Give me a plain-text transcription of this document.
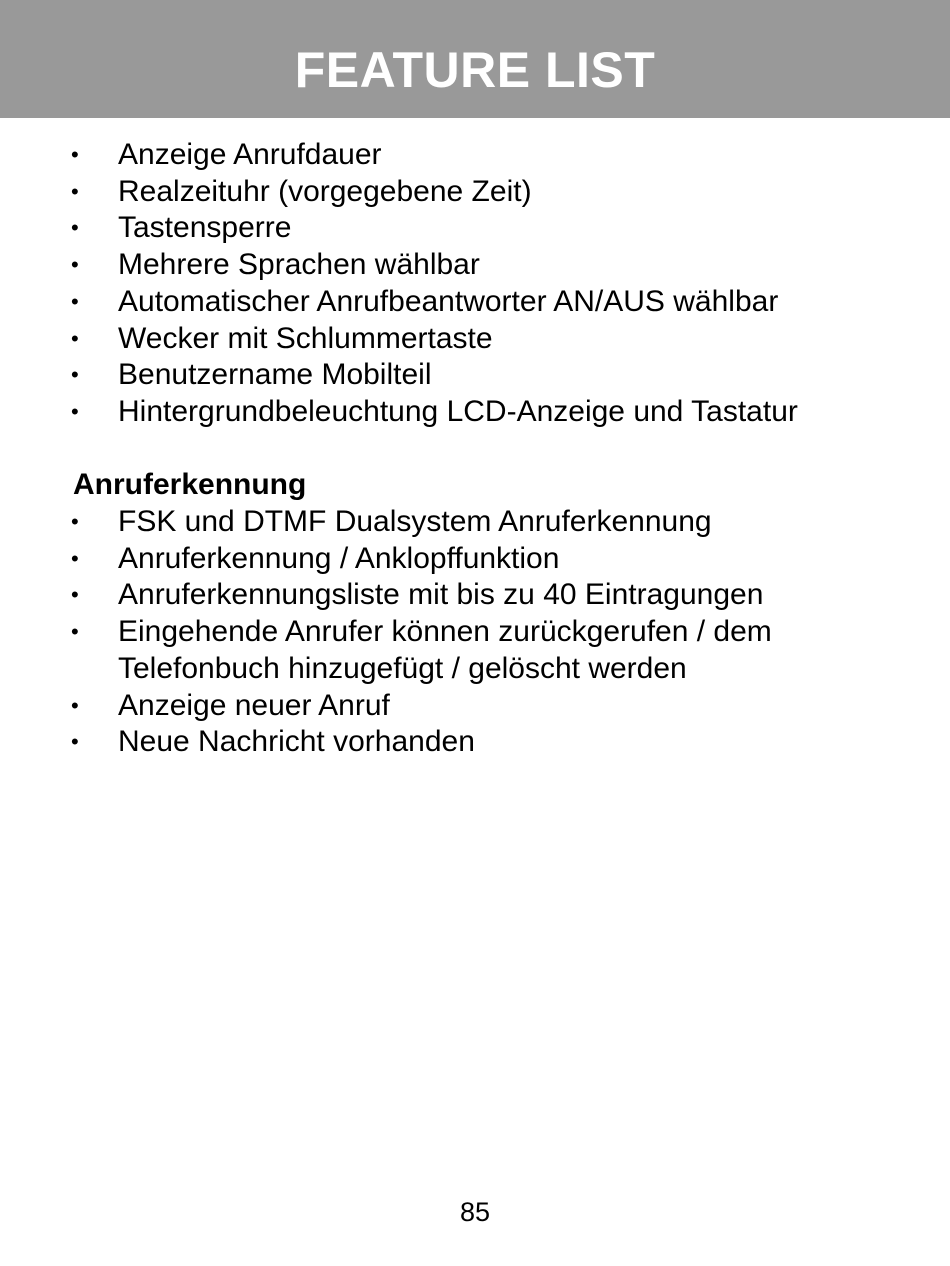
FEATURE LIST
• Anzeige Anrufdauer
• Realzeituhr (vorgegebene Zeit)
• Tastensperre
• Mehrere Sprachen wählbar
• Automatischer Anrufbeantworter AN/AUS wählbar
• Wecker mit Schlummertaste
• Benutzername Mobilteil
• Hintergrundbeleuchtung LCD-Anzeige und Tastatur
Anruferkennung
• FSK und DTMF Dualsystem Anruferkennung
• Anruferkennung / Anklopffunktion
• Anruferkennungsliste mit bis zu 40 Eintragungen
• Eingehende Anrufer können zurückgerufen / dem Telefonbuch hinzugefügt / gelöscht werden
• Anzeige neuer Anruf
• Neue Nachricht vorhanden
85
